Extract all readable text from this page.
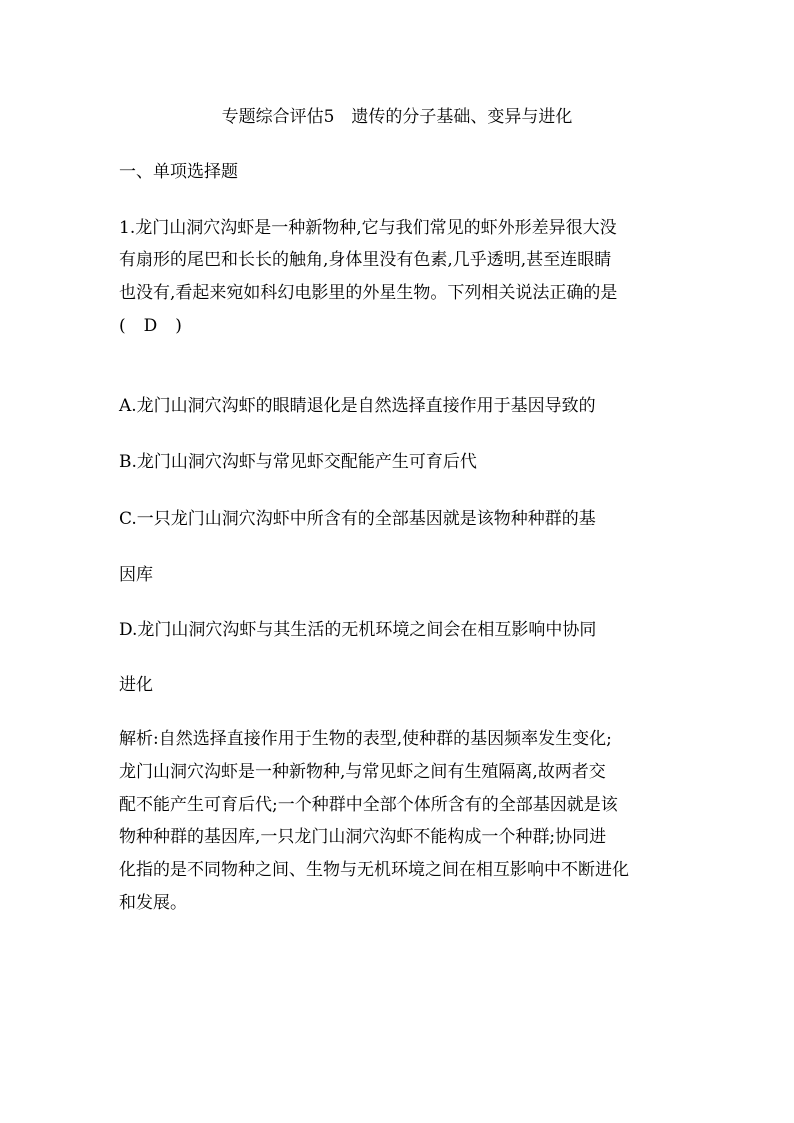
专题综合评估5　遗传的分子基础、变异与进化
一、单项选择题
1.龙门山洞穴沟虾是一种新物种,它与我们常见的虾外形差异很大没
有扇形的尾巴和长长的触角,身体里没有色素,几乎透明,甚至连眼睛
也没有,看起来宛如科幻电影里的外星生物。下列相关说法正确的是
( D )
A.龙门山洞穴沟虾的眼睛退化是自然选择直接作用于基因导致的
B.龙门山洞穴沟虾与常见虾交配能产生可育后代
C.一只龙门山洞穴沟虾中所含有的全部基因就是该物种种群的基
因库
D.龙门山洞穴沟虾与其生活的无机环境之间会在相互影响中协同
进化
解析:自然选择直接作用于生物的表型,使种群的基因频率发生变化;
龙门山洞穴沟虾是一种新物种,与常见虾之间有生殖隔离,故两者交
配不能产生可育后代;一个种群中全部个体所含有的全部基因就是该
物种种群的基因库,一只龙门山洞穴沟虾不能构成一个种群;协同进
化指的是不同物种之间、生物与无机环境之间在相互影响中不断进化
和发展。
